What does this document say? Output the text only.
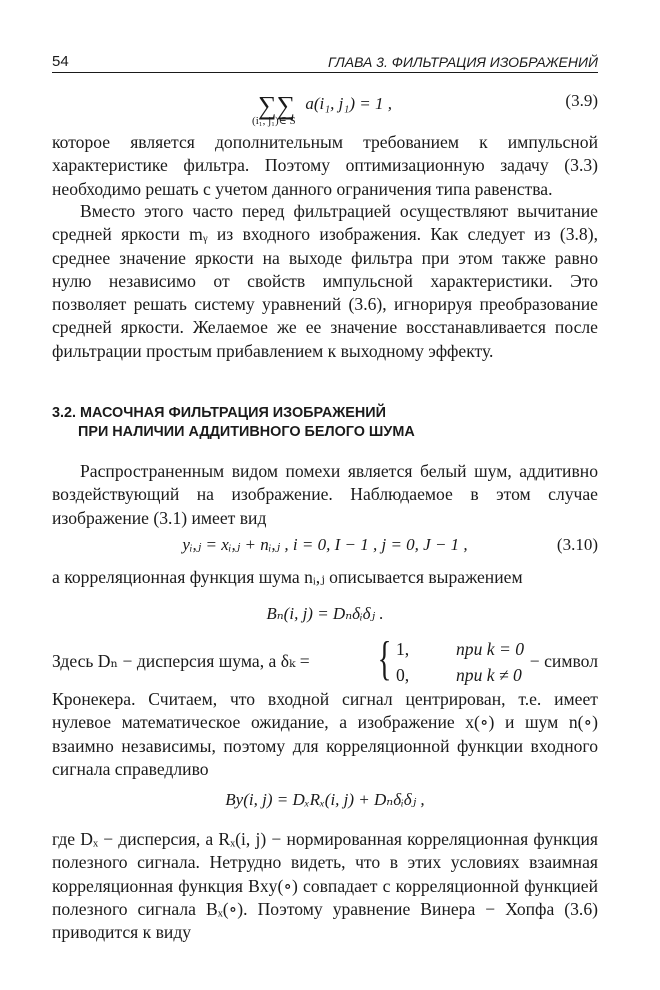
54	ГЛАВА 3. ФИЛЬТРАЦИЯ ИЗОБРАЖЕНИЙ
∑∑
(i₁, j₁)∈ S
a(i₁, j₁) = 1 ,	(3.9)
которое является дополнительным требованием к импульсной характеристике фильтра. Поэтому оптимизационную задачу (3.3) необходимо решать с учетом данного ограничения типа равенства.
Вместо этого часто перед фильтрацией осуществляют вычитание средней яркости mᵧ из входного изображения. Как следует из (3.8), среднее значение яркости на выходе фильтра при этом также равно нулю независимо от свойств импульсной характеристики. Это позволяет решать систему уравнений (3.6), игнорируя преобразование средней яркости. Желаемое же ее значение восстанавливается после фильтрации простым прибавлением к выходному эффекту.
3.2. МАСОЧНАЯ ФИЛЬТРАЦИЯ ИЗОБРАЖЕНИЙ
ПРИ НАЛИЧИИ АДДИТИВНОГО БЕЛОГО ШУМА
Распространенным видом помехи является белый шум, аддитивно воздействующий на изображение. Наблюдаемое в этом случае изображение (3.1) имеет вид
yᵢ,ⱼ = xᵢ,ⱼ + nᵢ,ⱼ , i = 0, I − 1 , j = 0, J − 1 ,	(3.10)
а корреляционная функция шума nᵢ,ⱼ описывается выражением
Bₙ(i, j) = Dₙδᵢδⱼ .
Здесь Dₙ − дисперсия шума, а δₖ = { 1,	при k = 0
0,	при k ≠ 0
− символ
Кронекера. Считаем, что входной сигнал центрирован, т.е. имеет нулевое математическое ожидание, а изображение x(∘) и шум n(∘) взаимно независимы, поэтому для корреляционной функции входного сигнала справедливо
By(i, j) = DₓRₓ(i, j) + Dₙδᵢδⱼ ,
где Dₓ − дисперсия, а Rₓ(i, j) − нормированная корреляционная функция полезного сигнала. Нетрудно видеть, что в этих условиях взаимная корреляционная функция Bxy(∘) совпадает с корреляционной функцией полезного сигнала Bₓ(∘). Поэтому уравнение Винера − Хопфа (3.6) приводится к виду
